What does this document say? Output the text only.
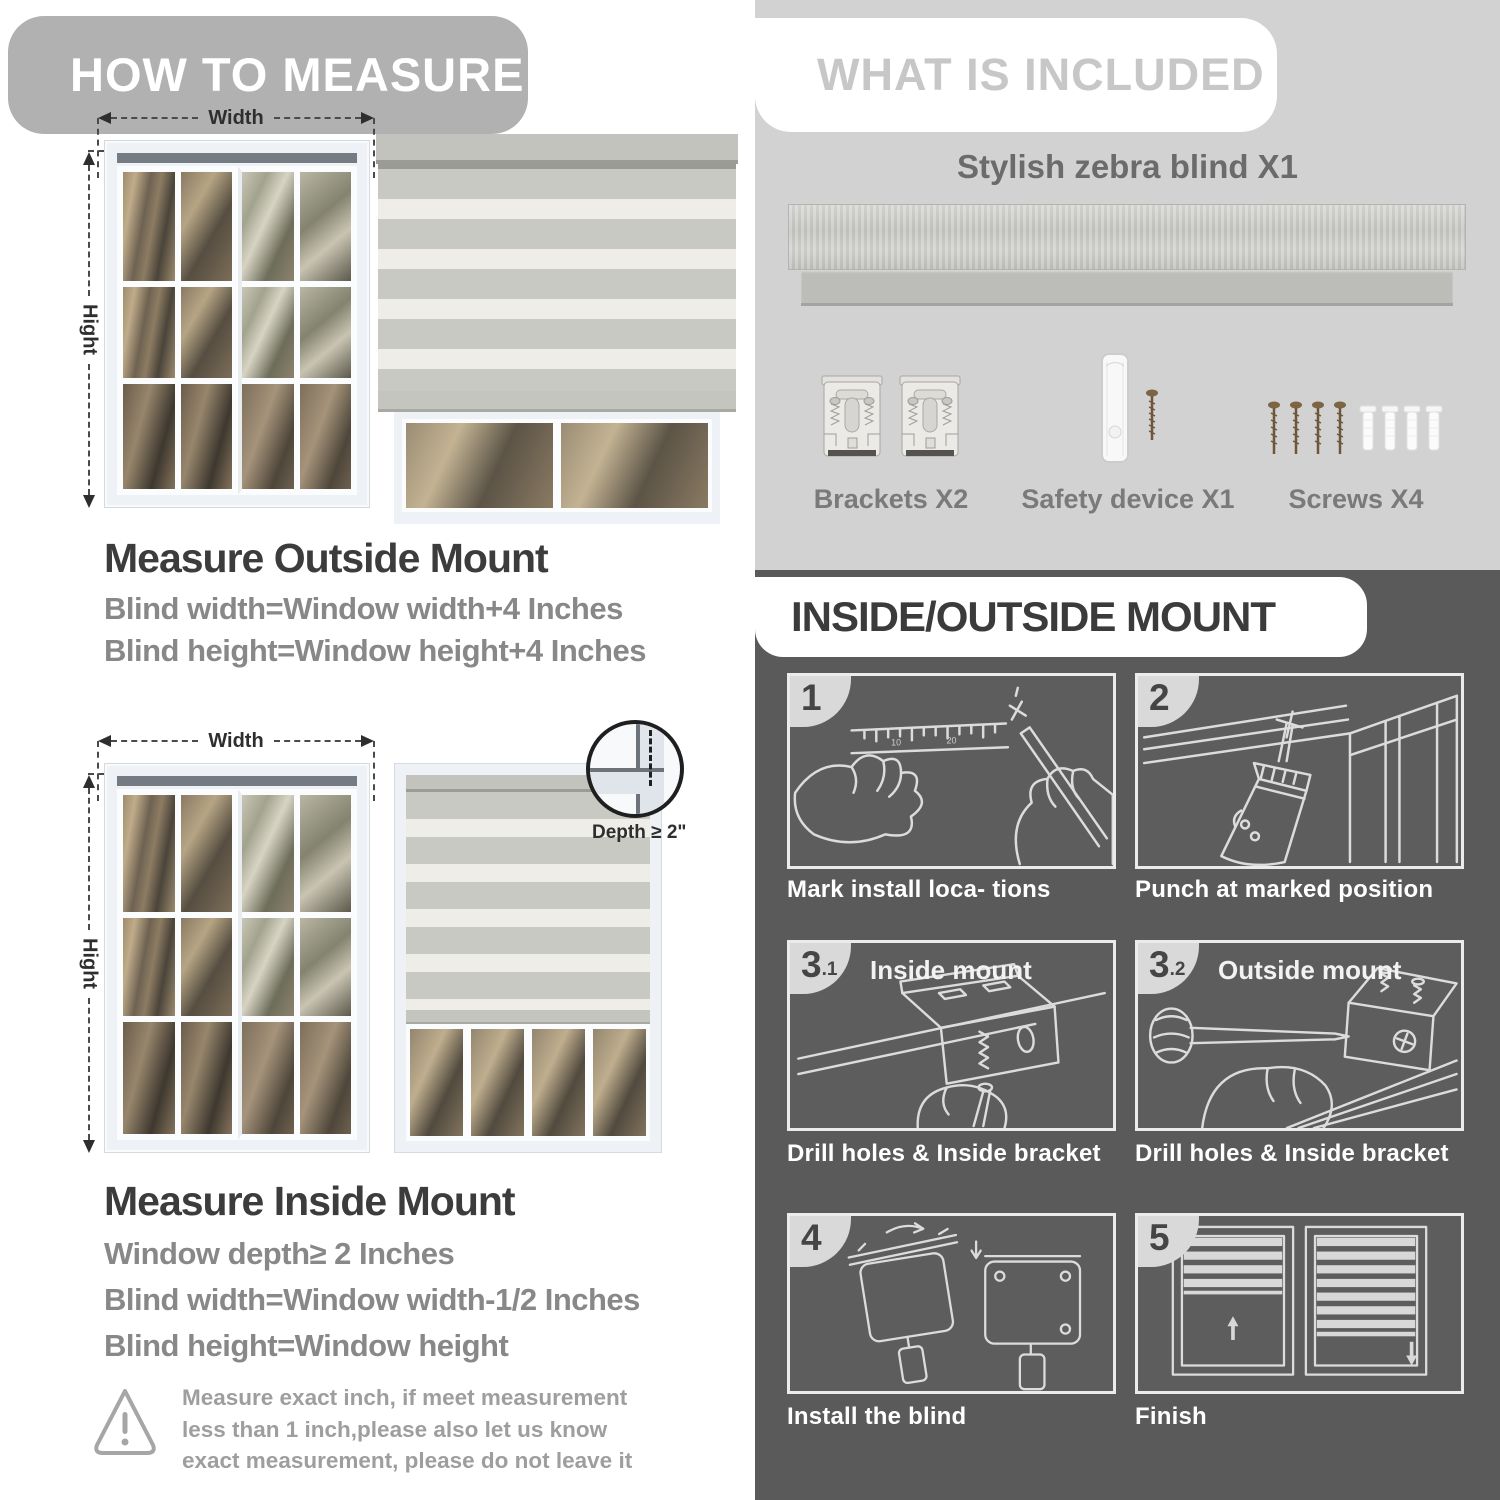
HOW TO MEASURE
Width
Hight
Measure Outside Mount
Blind width=Window width+4 Inches
Blind height=Window height+4 Inches
Width
Hight
Depth ≥ 2"
Measure Inside Mount
Window depth≥ 2 Inches
Blind width=Window width-1/2 Inches
Blind height=Window height
Measure exact inch, if meet measurement less than 1 inch,please also let us know exact measurement, please do not leave it
WHAT IS INCLUDED
Stylish zebra blind X1
Brackets X2	Safety device X1	Screws X4
INSIDE/OUTSIDE MOUNT
10	20
1
Mark install loca- tions
2
Punch at marked position
3.1	Inside mount
Drill holes & Inside bracket
3.2	Outside mount
Drill holes & Inside bracket
4
Install the blind
5
Finish
